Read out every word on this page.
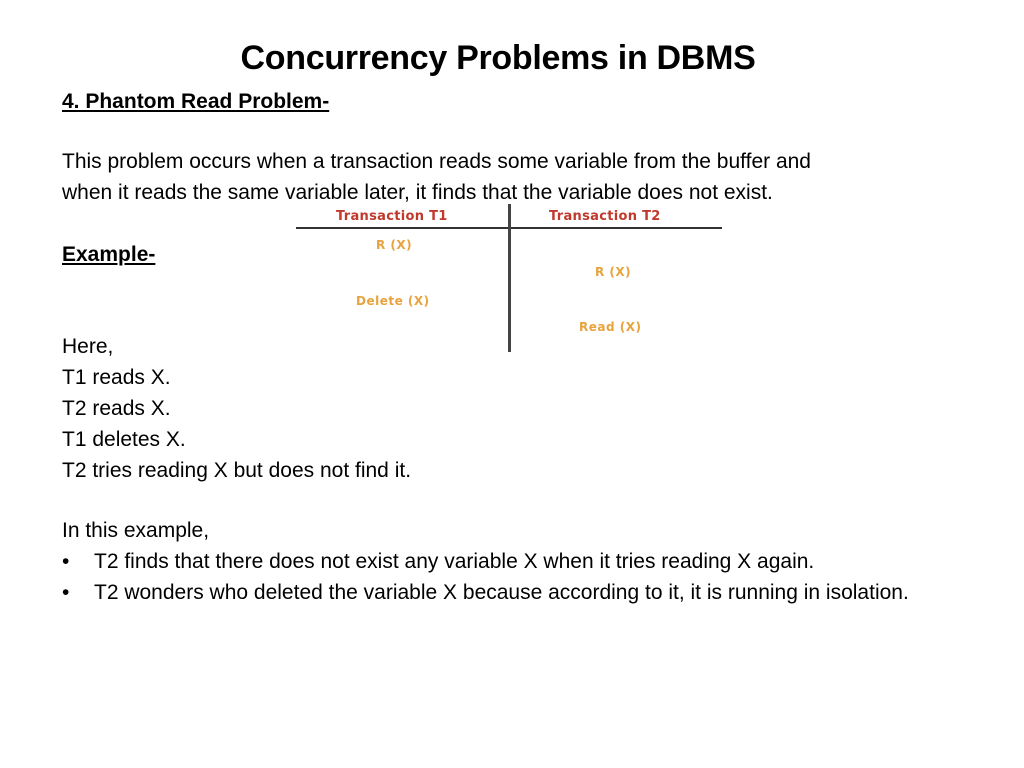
Concurrency Problems in DBMS
4. Phantom Read Problem-
This problem occurs when a transaction reads some variable from the buffer and
when it reads the same variable later, it finds that the variable does not exist.
Example-
Transaction T1	Transaction T2
R (X)
R (X)
Delete (X)
Read (X)
Here,
T1 reads X.
T2 reads X.
T1 deletes X.
T2 tries reading X but does not find it.
In this example,
• T2 finds that there does not exist any variable X when it tries reading X again.
• T2 wonders who deleted the variable X because according to it, it is running in isolation.
